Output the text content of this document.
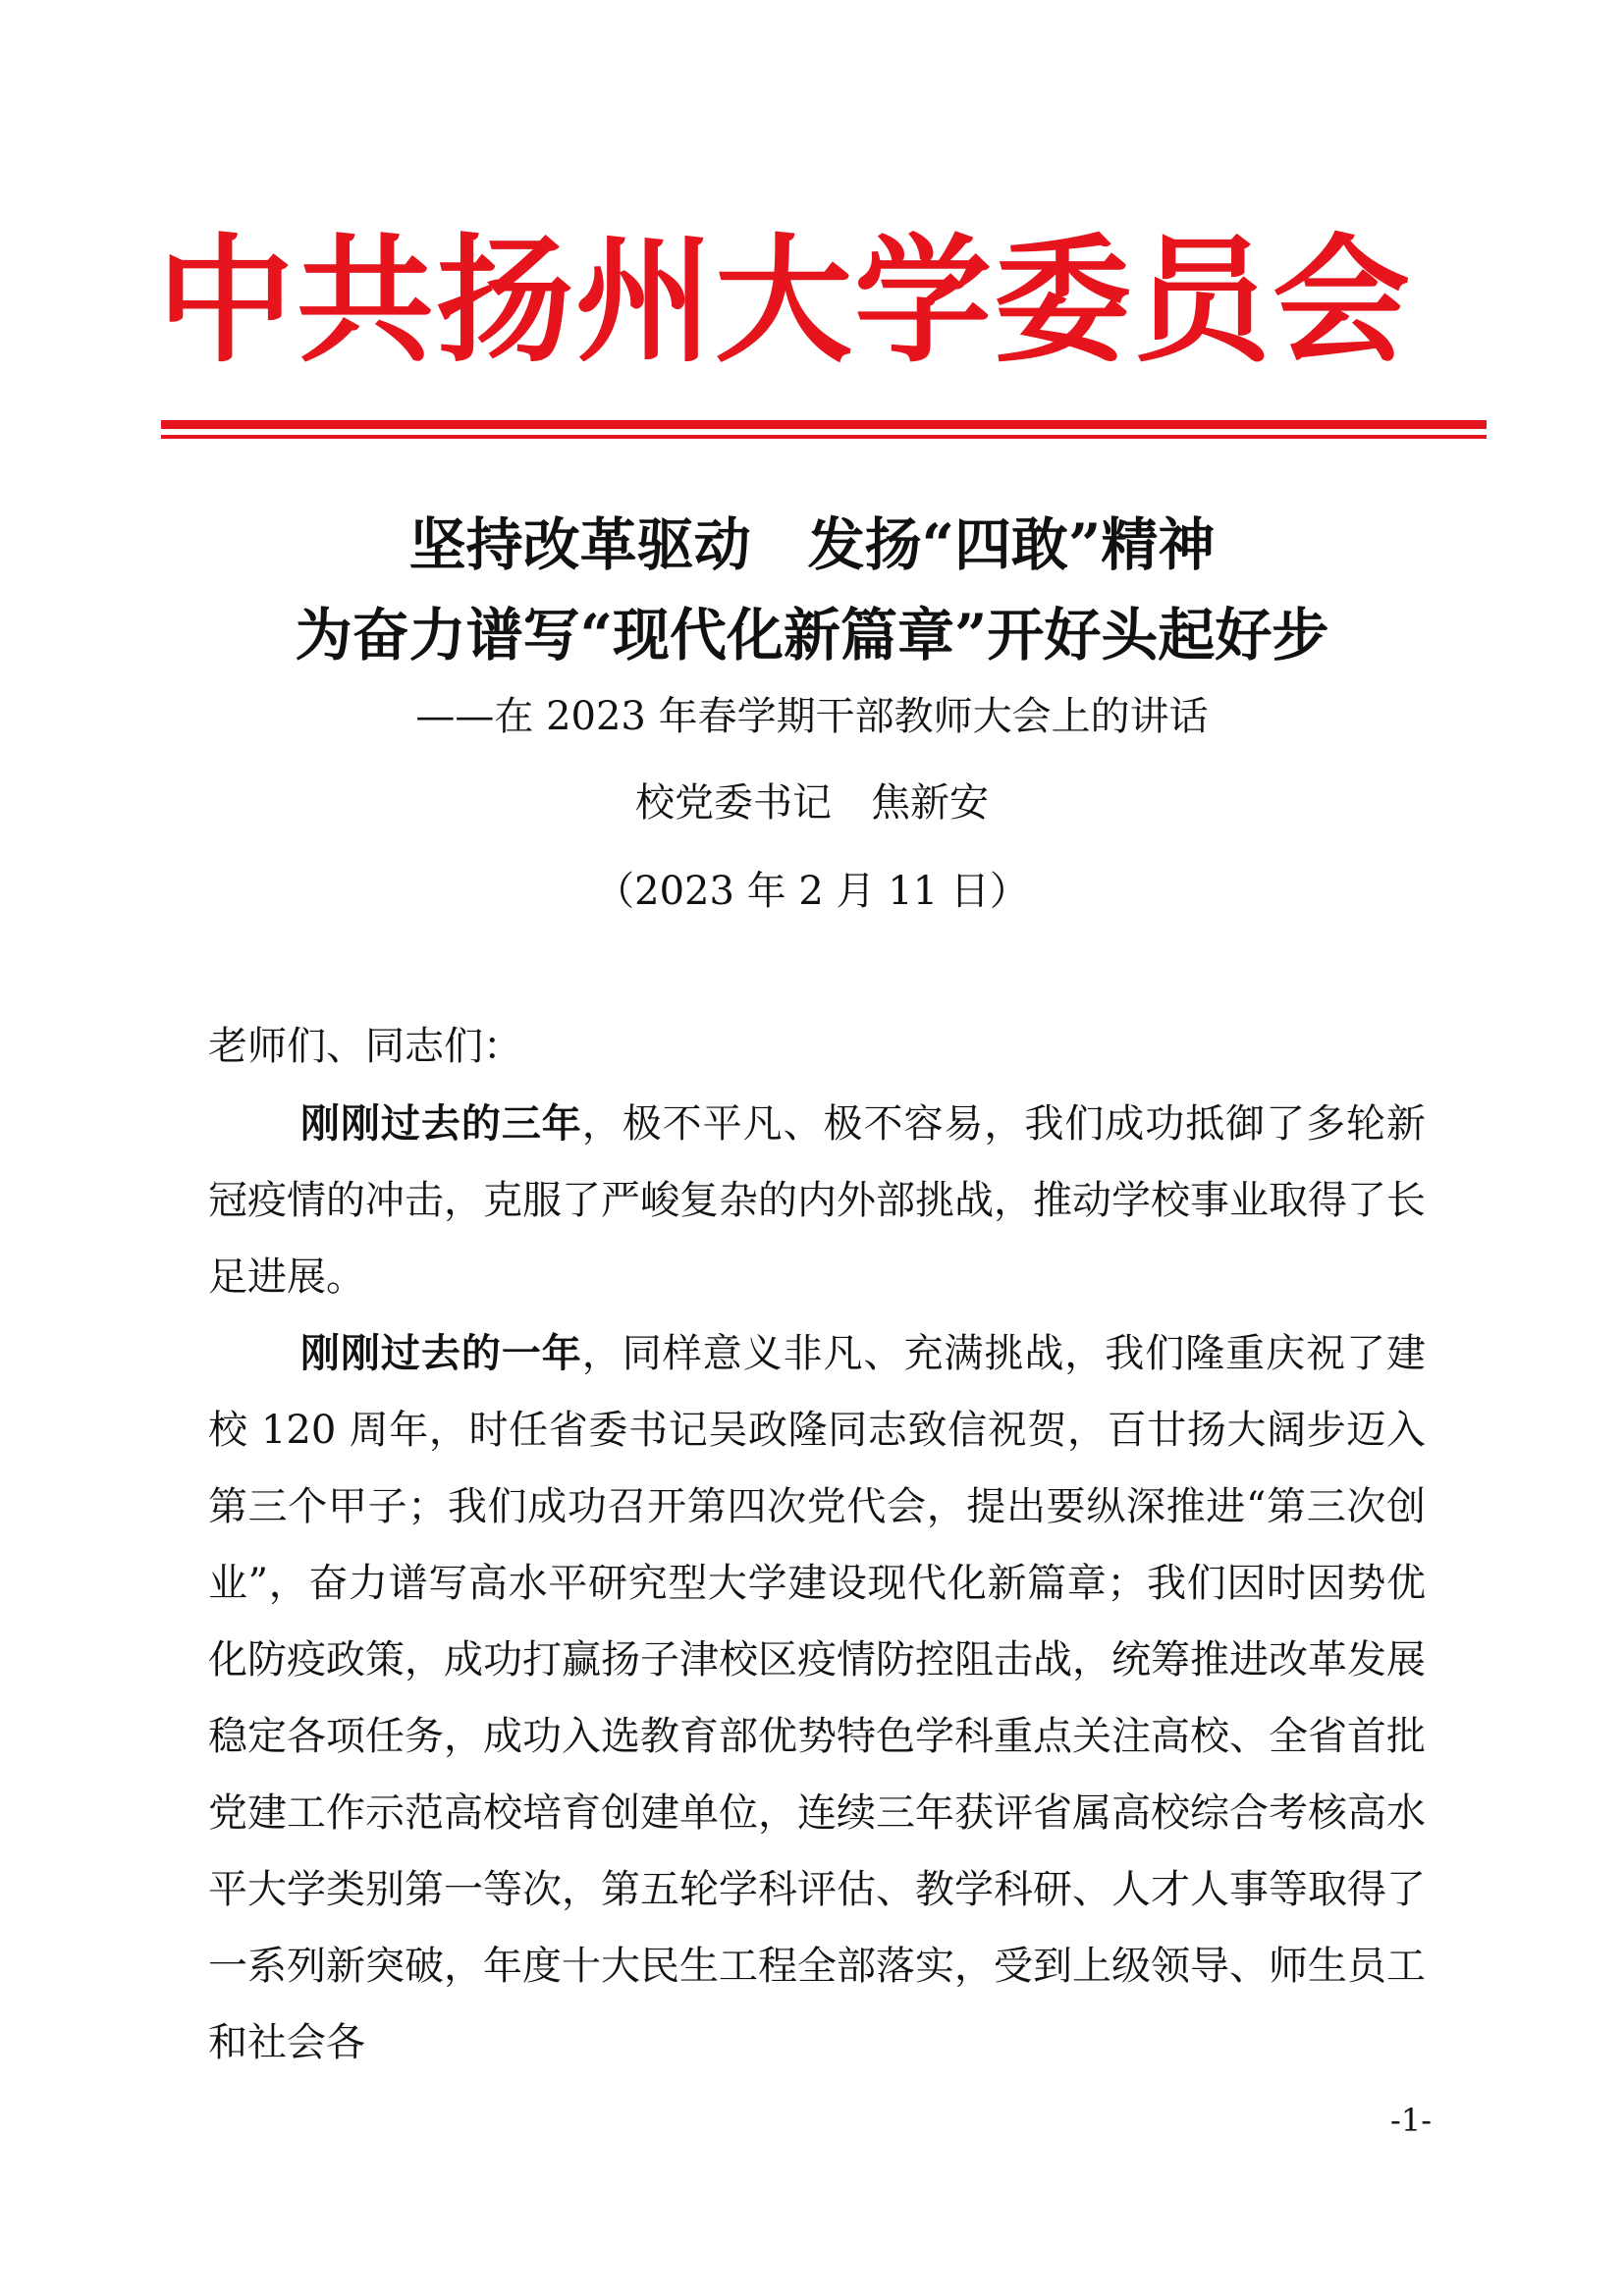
中共扬州大学委员会
坚持改革驱动　发扬“四敢”精神
为奋力谱写“现代化新篇章”开好头起好步
——在 2023 年春学期干部教师大会上的讲话
校党委书记 焦新安
（2023 年 2 月 11 日）
老师们、同志们：

刚刚过去的三年，极不平凡、极不容易，我们成功抵御了多轮新冠疫情的冲击，克服了严峻复杂的内外部挑战，推动学校事业取得了长足进展。

刚刚过去的一年，同样意义非凡、充满挑战，我们隆重庆祝了建校 120 周年，时任省委书记吴政隆同志致信祝贺，百廿扬大阔步迈入第三个甲子；我们成功召开第四次党代会，提出要纵深推进“第三次创业”，奋力谱写高水平研究型大学建设现代化新篇章；我们因时因势优化防疫政策，成功打赢扬子津校区疫情防控阻击战，统筹推进改革发展稳定各项任务，成功入选教育部优势特色学科重点关注高校、全省首批党建工作示范高校培育创建单位，连续三年获评省属高校综合考核高水平大学类别第一等次，第五轮学科评估、教学科研、人才人事等取得了一系列新突破，年度十大民生工程全部落实，受到上级领导、师生员工和社会各

-1-
